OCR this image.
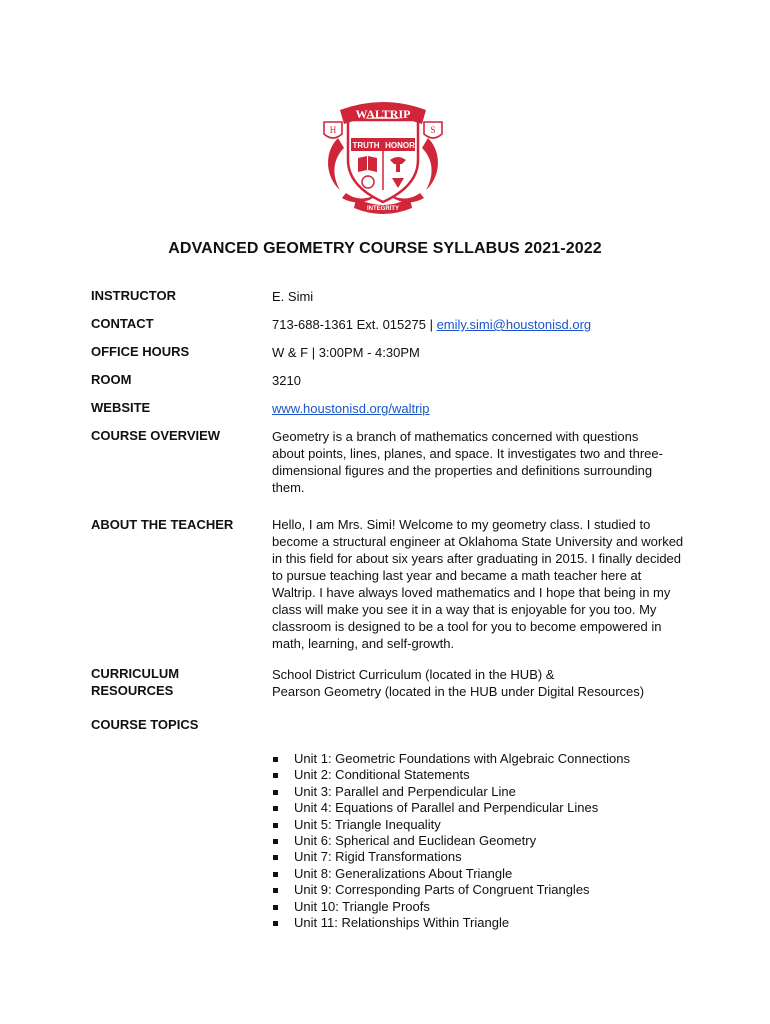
H	S
TRUTH HONOR
WALTRIP
INTEGRITY
ADVANCED GEOMETRY COURSE SYLLABUS 2021-2022
INSTRUCTOR	E. Simi
CONTACT	713-688-1361 Ext. 015275 | emily.simi@houstonisd.org
OFFICE HOURS	W & F | 3:00PM - 4:30PM
ROOM	3210
WEBSITE	www.houstonisd.org/waltrip
COURSE OVERVIEW	Geometry is a branch of mathematics concerned with questions about points, lines, planes, and space. It investigates two and three-dimensional figures and the properties and definitions surrounding them.
ABOUT THE TEACHER	Hello, I am Mrs. Simi! Welcome to my geometry class. I studied to become a structural engineer at Oklahoma State University and worked in this field for about six years after graduating in 2015. I finally decided to pursue teaching last year and became a math teacher here at Waltrip. I have always loved mathematics and I hope that being in my class will make you see it in a way that is enjoyable for you too. My classroom is designed to be a tool for you to become empowered in math, learning, and self-growth.
CURRICULUM
RESOURCES
School District Curriculum (located in the HUB) &
Pearson Geometry (located in the HUB under Digital Resources)
COURSE TOPICS
Unit 1: Geometric Foundations with Algebraic Connections
Unit 2: Conditional Statements
Unit 3: Parallel and Perpendicular Line
Unit 4: Equations of Parallel and Perpendicular Lines
Unit 5: Triangle Inequality
Unit 6: Spherical and Euclidean Geometry
Unit 7: Rigid Transformations
Unit 8: Generalizations About Triangle
Unit 9: Corresponding Parts of Congruent Triangles
Unit 10: Triangle Proofs
Unit 11: Relationships Within Triangle
